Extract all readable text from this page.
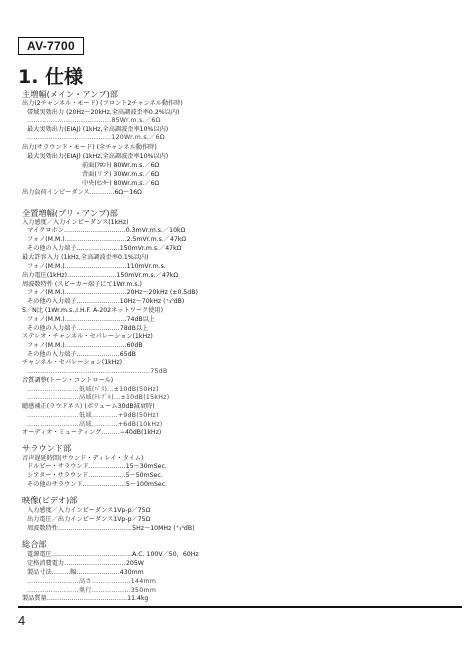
AV-7700
1. 仕様
主増幅(メイン・アンプ)部
出力(2チャンネル・モード) (フロント2チャンネル動作時)
帯域実効出力 (20Hz～20kHz,全高調波歪率0.2%以内)
…………………………………85Wr.m.s.／6Ω
最大実効出力(EIAJ) (1kHz,全高調波歪率10%以内)
…………………………………120Wr.m.s.／6Ω
出力(サラウンド・モード) (全チャンネル動作時)
最大実効出力(EIAJ) (1kHz,全高調波歪率10%以内)
前面(ﾌﾛﾝﾄ) 80Wr.m.s.／6Ω
背面(リア) 30Wr.m.s.／6Ω
中央(ｾﾝﾀｰ) 80Wr.m.s.／6Ω
出力負荷インピーダンス…………6Ω～16Ω
全置増幅(プリ・アンプ)部
入力感度／入力インピーダンス(1kHz)
マイクロホン…………………………0.3mVr.m.s.／10kΩ
フォノ(M.M.)…………………………2.5mVr.m.s.／47kΩ
その他の入力端子…………………150mVr.m.s.／47kΩ
最大許容入力 (1kHz,全高調波歪率0.1%以内)
フォノ(M.M.)…………………………110mVr.m.s.
出力電圧(1kHz)……………………150mVr.m.s.／47kΩ
周波数特性 (スピーカー端子にて1Wr.m.s.)
フォノ(M.M.)…………………………20Hz～20kHz (±0.5dB)
その他の入力端子…………………10Hz～70kHz (⁺₃⁰dB)
S／N比 (1Wr.m.s.,I.H.F. A-202ネットワーク使用)
フォノ(M.M.)…………………………74dB以上
その他の入力端子…………………78dB以上
ステレオ・チャンネル・セパレーション(1kHz)
フォノ(M.M.)…………………………60dB
その他の入力端子…………………65dB
チャンネル・セパレーション(1kHz)
…………………………………………………75dB
音質調整(トーン・コントロール)
……………………低域(ﾊﾞｽ)…±10dB(50Hz)
……………………高域(ﾄﾚﾌﾞﾙ)…±10dB(15kHz)
聴感補正(ラウドネス) (ボリューム30dB減衰時)
……………………低域…………+9dB(50Hz)
……………………高域…………+6dB(10kHz)
オーディオ・ミューティング………−40dB(1kHz)
サラウンド部
音声遅延時間(サウンド・ディレイ・タイム)
ドルビー・サラウンド………………15～30mSec.
シアター・サラウンド………………5～50mSec.
その他のサラウンド…………………5～100mSec.
映像(ビデオ)部
入力感度／入力インピーダンス1Vp-p／75Ω
出力電圧／出力インピーダンス1Vp-p／75Ω
周波数特性………………………………5Hz～10MHz (⁺₃⁰dB)
総合部
電源電圧…………………………………A.C. 100V／50，60Hz
定格消費電力…………………………205W
製品寸法………幅…………………430mm
……………………高さ………………144mm
……………………奥行………………350mm
製品質量…………………………………11.4kg
4
